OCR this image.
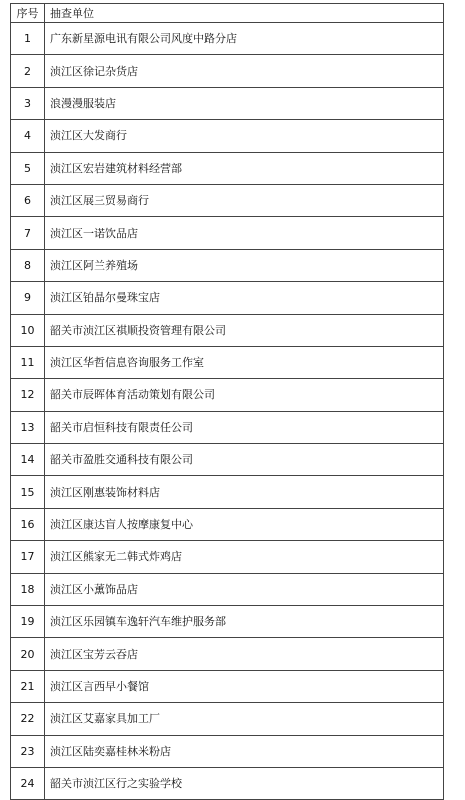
序号	抽查单位
1	广东新星源电讯有限公司风度中路分店
2	浈江区徐记杂货店
3	浪漫漫服装店
4	浈江区大发商行
5	浈江区宏岩建筑材料经营部
6	浈江区展三贸易商行
7	浈江区一诺饮品店
8	浈江区阿兰养殖场
9	浈江区铂晶尔曼珠宝店
10	韶关市浈江区祺顺投资管理有限公司
11	浈江区华哲信息咨询服务工作室
12	韶关市辰晖体育活动策划有限公司
13	韶关市启恒科技有限责任公司
14	韶关市盈胜交通科技有限公司
15	浈江区刚惠装饰材料店
16	浈江区康达盲人按摩康复中心
17	浈江区熊家无二韩式炸鸡店
18	浈江区小薰饰品店
19	浈江区乐园镇车逸轩汽车维护服务部
20	浈江区宝芳云吞店
21	浈江区言西早小餐馆
22	浈江区艾嘉家具加工厂
23	浈江区陆奕嘉桂林米粉店
24	韶关市浈江区行之实验学校
